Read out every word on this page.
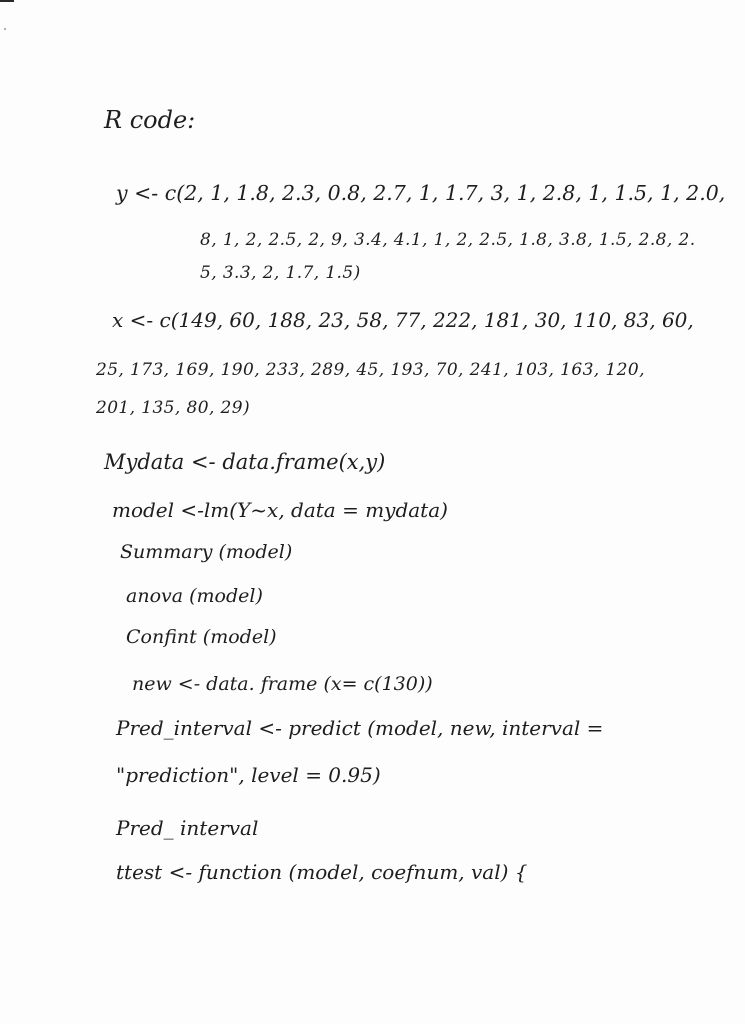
R code:
y <- c(2, 1, 1.8, 2.3, 0.8, 2.7, 1, 1.7, 3, 1, 2.8, 1, 1.5, 1, 2.0,
8, 1, 2, 2.5, 2, 9, 3.4, 4.1, 1, 2, 2.5, 1.8, 3.8, 1.5, 2.8, 2.
5, 3.3, 2, 1.7, 1.5)
x <- c(149, 60, 188, 23, 58, 77, 222, 181, 30, 110, 83, 60,
25, 173, 169, 190, 233, 289, 45, 193, 70, 241, 103, 163, 120,
201, 135, 80, 29)
Mydata <- data.frame(x,y)
model <-lm(Y~x, data = mydata)
Summary (model)
anova (model)
Confint (model)
new <- data. frame (x= c(130))
Pred_interval <- predict (model, new, interval =
"prediction", level = 0.95)
Pred_ interval
ttest <- function (model, coefnum, val) {
